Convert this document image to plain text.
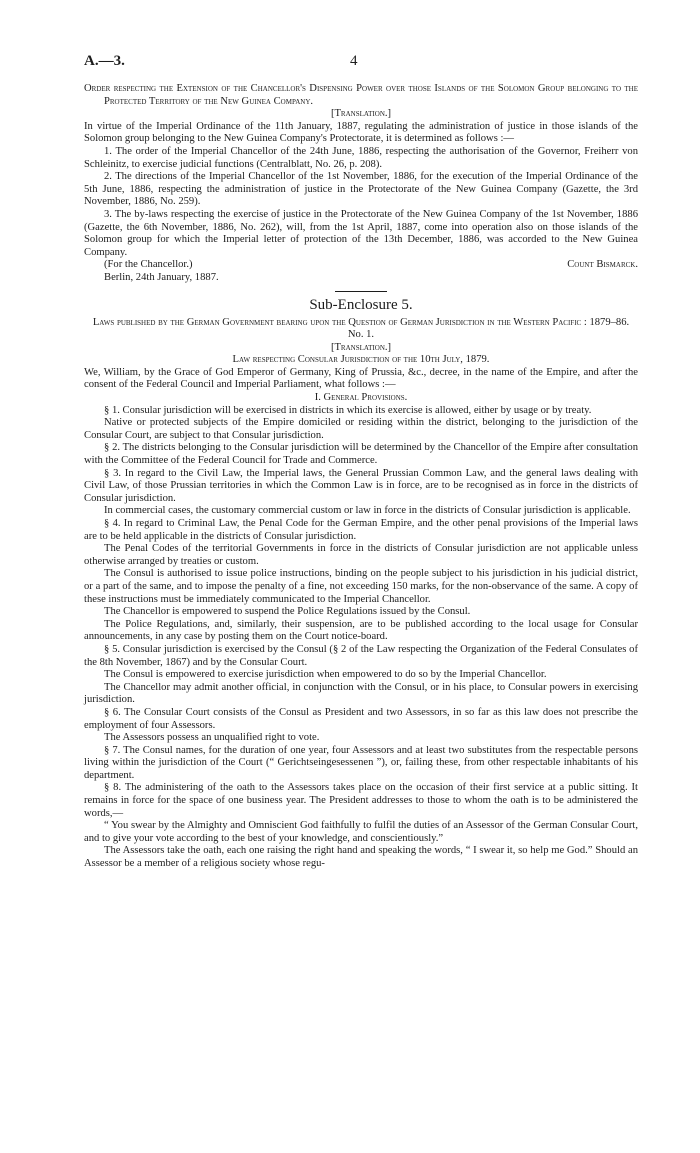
A.—3.	4

Order respecting the Extension of the Chancellor's Dispensing Power over those Islands of the Solomon Group belonging to the Protected Territory of the New Guinea Company.

[Translation.]

In virtue of the Imperial Ordinance of the 11th January, 1887, regulating the administration of justice in those islands of the Solomon group belonging to the New Guinea Company's Protectorate, it is determined as follows :—

1. The order of the Imperial Chancellor of the 24th June, 1886, respecting the authorisation of the Governor, Freiherr von Schleinitz, to exercise judicial functions (Centralblatt, No. 26, p. 208).

2. The directions of the Imperial Chancellor of the 1st November, 1886, for the execution of the Imperial Ordinance of the 5th June, 1886, respecting the administration of justice in the Protectorate of the New Guinea Company (Gazette, the 3rd November, 1886, No. 259).

3. The by-laws respecting the exercise of justice in the Protectorate of the New Guinea Company of the 1st November, 1886 (Gazette, the 6th November, 1886, No. 262), will, from the 1st April, 1887, come into operation also on those islands of the Solomon group for which the Imperial letter of protection of the 13th December, 1886, was accorded to the New Guinea Company.

(For the Chancellor.)	Count Bismarck.

Berlin, 24th January, 1887.

Sub-Enclosure 5.

Laws published by the German Government bearing upon the Question of German Jurisdiction in the Western Pacific : 1879–86.

No. 1.

[Translation.]

Law respecting Consular Jurisdiction of the 10th July, 1879.

We, William, by the Grace of God Emperor of Germany, King of Prussia, &c., decree, in the name of the Empire, and after the consent of the Federal Council and Imperial Parliament, what follows :—

I. General Provisions.

§ 1. Consular jurisdiction will be exercised in districts in which its exercise is allowed, either by usage or by treaty.

Native or protected subjects of the Empire domiciled or residing within the district, belonging to the jurisdiction of the Consular Court, are subject to that Consular jurisdiction.

§ 2. The districts belonging to the Consular jurisdiction will be determined by the Chancellor of the Empire after consultation with the Committee of the Federal Council for Trade and Commerce.

§ 3. In regard to the Civil Law, the Imperial laws, the General Prussian Common Law, and the general laws dealing with Civil Law, of those Prussian territories in which the Common Law is in force, are to be recognised as in force in the districts of Consular jurisdiction.

In commercial cases, the customary commercial custom or law in force in the districts of Consular jurisdiction is applicable.

§ 4. In regard to Criminal Law, the Penal Code for the German Empire, and the other penal provisions of the Imperial laws are to be held applicable in the districts of Consular jurisdiction.

The Penal Codes of the territorial Governments in force in the districts of Consular jurisdiction are not applicable unless otherwise arranged by treaties or custom.

The Consul is authorised to issue police instructions, binding on the people subject to his jurisdiction in his judicial district, or a part of the same, and to impose the penalty of a fine, not exceeding 150 marks, for the non-observance of the same. A copy of these instructions must be immediately communicated to the Imperial Chancellor.

The Chancellor is empowered to suspend the Police Regulations issued by the Consul.

The Police Regulations, and, similarly, their suspension, are to be published according to the local usage for Consular announcements, in any case by posting them on the Court notice-board.

§ 5. Consular jurisdiction is exercised by the Consul (§ 2 of the Law respecting the Organization of the Federal Consulates of the 8th November, 1867) and by the Consular Court.

The Consul is empowered to exercise jurisdiction when empowered to do so by the Imperial Chancellor.

The Chancellor may admit another official, in conjunction with the Consul, or in his place, to Consular powers in exercising jurisdiction.

§ 6. The Consular Court consists of the Consul as President and two Assessors, in so far as this law does not prescribe the employment of four Assessors.

The Assessors possess an unqualified right to vote.

§ 7. The Consul names, for the duration of one year, four Assessors and at least two substitutes from the respectable persons living within the jurisdiction of the Court (“ Gerichtseingesessenen ”), or, failing these, from other respectable inhabitants of his department.

§ 8. The administering of the oath to the Assessors takes place on the occasion of their first service at a public sitting. It remains in force for the space of one business year. The President addresses to those to whom the oath is to be administered the words,—

“ You swear by the Almighty and Omniscient God faithfully to fulfil the duties of an Assessor of the German Consular Court, and to give your vote according to the best of your knowledge, and conscientiously.”

The Assessors take the oath, each one raising the right hand and speaking the words, “ I swear it, so help me God.” Should an Assessor be a member of a religious society whose regu-
